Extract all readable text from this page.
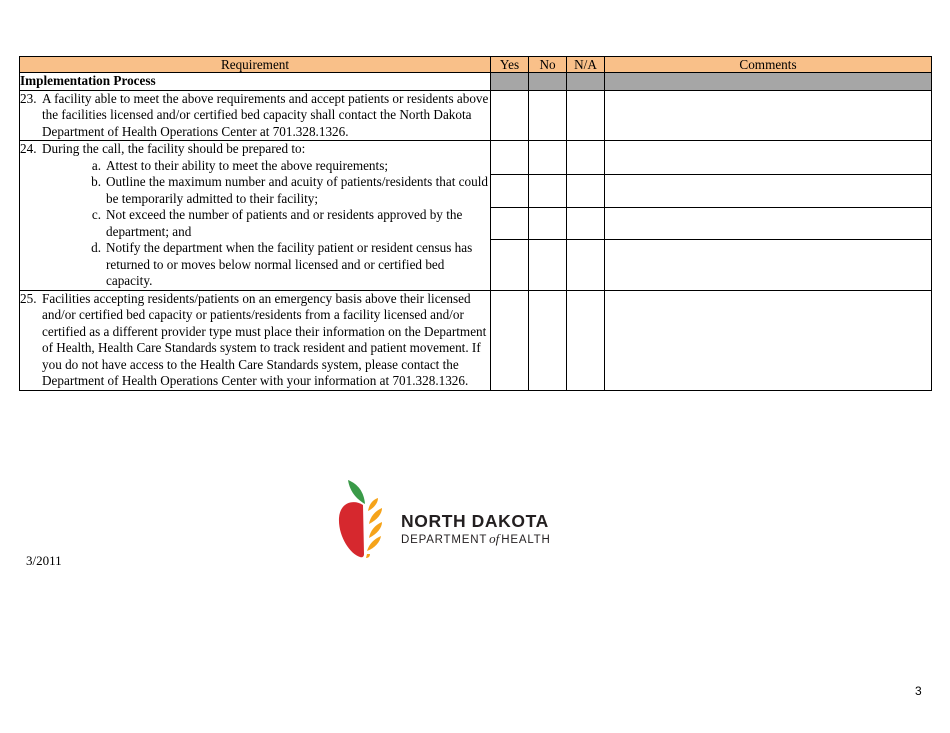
Requirement	Yes	No	N/A	Comments
Implementation Process				

23. A facility able to meet the above requirements and accept patients or residents above the facilities licensed and/or certified bed capacity shall contact the North Dakota Department of Health Operations Center at 701.328.1326.				

24. During the call, the facility should be prepared to:
a. Attest to their ability to meet the above requirements;
b. Outline the maximum number and acuity of patients/residents that could be temporarily admitted to their facility;
c. Not exceed the number of patients and or residents approved by the department; and
d. Notify the department when the facility patient or resident census has returned to or moves below normal licensed and or certified bed capacity.				

25. Facilities accepting residents/patients on an emergency basis above their licensed and/or certified bed capacity or patients/residents from a facility licensed and/or certified as a different provider type must place their information on the Department of Health, Health Care Standards system to track resident and patient movement. If you do not have access to the Health Care Standards system, please contact the Department of Health Operations Center with your information at 701.328.1326.				

NORTH DAKOTA
DEPARTMENT of HEALTH
3/2011
3
